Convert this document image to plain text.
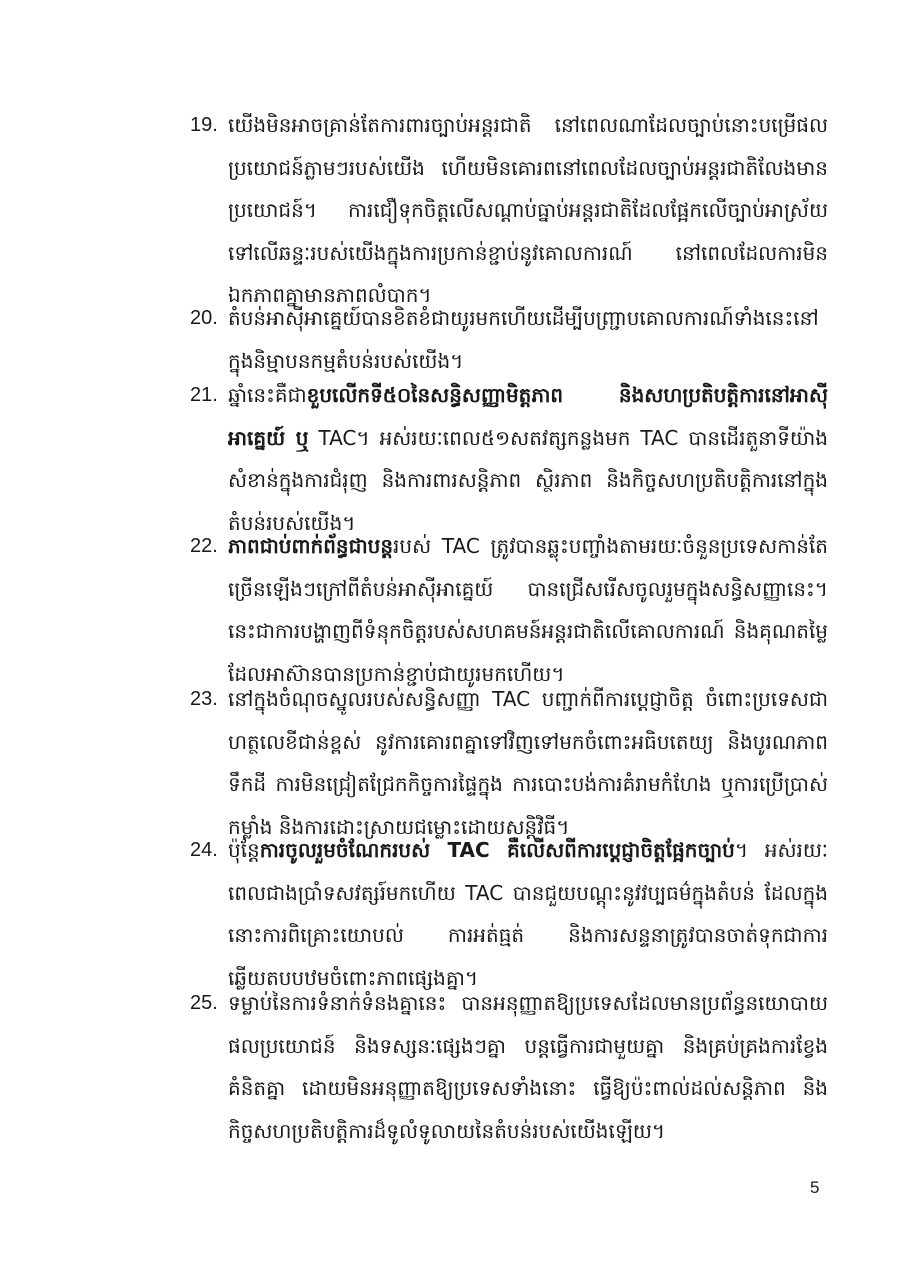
19. យើងមិនអាចគ្រាន់តែការពារច្បាប់អន្តរជាតិ នៅពេលណាដែលច្បាប់នោះបម្រើផលប្រយោជន៍ភ្លាមៗរបស់យើង ហើយមិនគោរពនៅពេលដែលច្បាប់អន្តរជាតិលែងមានប្រយោជន៍។ ការជឿទុកចិត្តលើសណ្តាប់ធ្នាប់អន្តរជាតិដែលផ្អែកលើច្បាប់អាស្រ័យទៅលើឆន្ទៈរបស់យើងក្នុងការប្រកាន់ខ្ជាប់នូវគោលការណ៍ នៅពេលដែលការមិនឯកភាពគ្នាមានភាពលំបាក។
20. តំបន់អាស៊ីអាគ្នេយ៍បានខិតខំជាយូរមកហើយដើម្បីបញ្ជ្រាបគោលការណ៍ទាំងនេះនៅក្នុងនិម្មាបនកម្មតំបន់របស់យើង។
21. ឆ្នាំនេះគឺជាខួបលើកទី៥០នៃសន្ធិសញ្ញាមិត្តភាព និងសហប្រតិបត្តិការនៅអាស៊ីអាគ្នេយ៍ ឬ TAC។ អស់រយៈពេល៥១សតវត្សកន្លងមក TAC បានដើរតួនាទីយ៉ាងសំខាន់ក្នុងការជំរុញ និងការពារសន្តិភាព ស្ថិរភាព និងកិច្ចសហប្រតិបត្តិការនៅក្នុងតំបន់របស់យើង។
22. ភាពជាប់ពាក់ព័ន្ធជាបន្តរបស់ TAC ត្រូវបានឆ្លុះបញ្ចាំងតាមរយៈចំនួនប្រទេសកាន់តែច្រើនឡើងៗក្រៅពីតំបន់អាស៊ីអាគ្នេយ៍ បានជ្រើសរើសចូលរួមក្នុងសន្ធិសញ្ញានេះ។ នេះជាការបង្ហាញពីទំនុកចិត្តរបស់សហគមន៍អន្តរជាតិលើគោលការណ៍ និងគុណតម្លៃដែលអាស៊ានបានប្រកាន់ខ្ជាប់ជាយូរមកហើយ។
23. នៅក្នុងចំណុចស្នូលរបស់សន្ធិសញ្ញា TAC បញ្ជាក់ពីការប្តេជ្ញាចិត្ត ចំពោះប្រទេសជាហត្ថលេខីជាន់ខ្ពស់ នូវការគោរពគ្នាទៅវិញទៅមកចំពោះអធិបតេយ្យ និងបូរណភាពទឹកដី ការមិនជ្រៀតជ្រែកកិច្ចការផ្ទៃក្នុង ការបោះបង់ការគំរាមកំហែង ឬការប្រើប្រាស់កម្លាំង និងការដោះស្រាយជម្លោះដោយសន្តិវិធី។
24. ប៉ុន្តែការចូលរួមចំណែករបស់ TAC គឺលើសពីការប្តេជ្ញាចិត្តផ្អែកច្បាប់។ អស់រយៈពេលជាងប្រាំទសវត្សរ៍មកហើយ TAC បានជួយបណ្តុះនូវវប្បធម៌ក្នុងតំបន់ ដែលក្នុងនោះការពិគ្រោះយោបល់ ការអត់ធ្មត់ និងការសន្ទនាត្រូវបានចាត់ទុកជាការឆ្លើយតបបឋមចំពោះភាពផ្សេងគ្នា។
25. ទម្លាប់នៃការទំនាក់ទំនងគ្នានេះ បានអនុញ្ញាតឱ្យប្រទេសដែលមានប្រព័ន្ធនយោបាយ ផលប្រយោជន៍ និងទស្សនៈផ្សេងៗគ្នា បន្តធ្វើការជាមួយគ្នា និងគ្រប់គ្រងការខ្វែងគំនិតគ្នា ដោយមិនអនុញ្ញាតឱ្យប្រទេសទាំងនោះ ធ្វើឱ្យប៉ះពាល់ដល់សន្តិភាព និងកិច្ចសហប្រតិបត្តិការដ៏ទូលំទូលាយនៃតំបន់របស់យើងឡើយ។
5
